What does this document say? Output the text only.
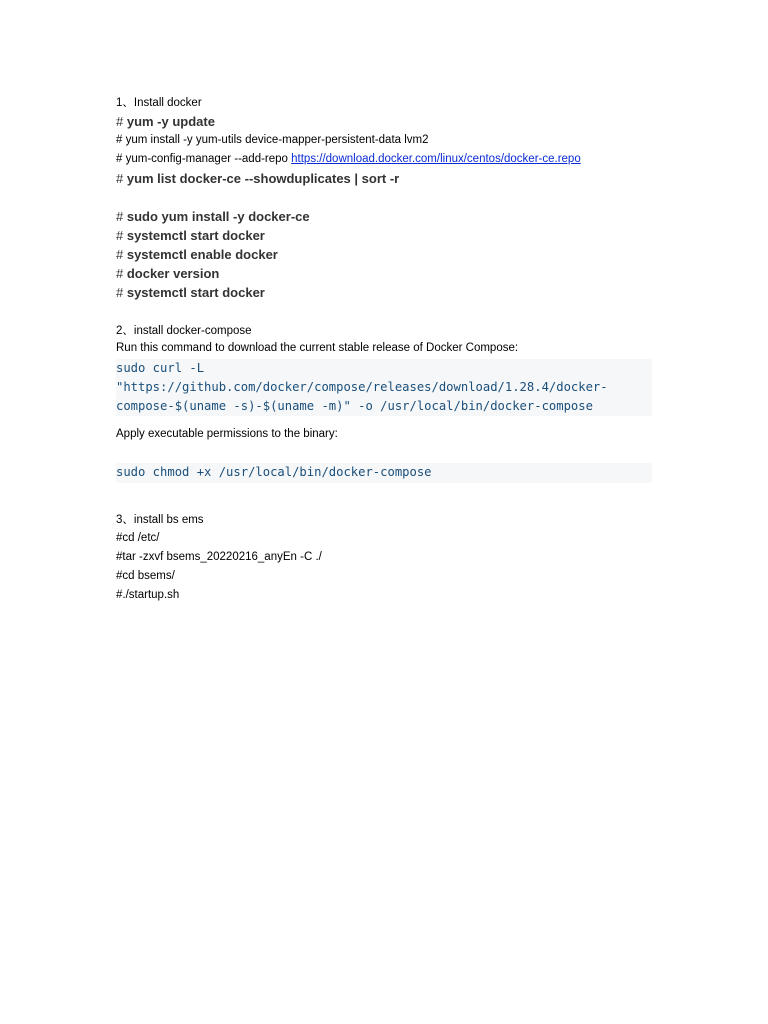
1、Install docker
# yum -y update
# yum install -y yum-utils device-mapper-persistent-data lvm2
# yum-config-manager --add-repo https://download.docker.com/linux/centos/docker-ce.repo
# yum list docker-ce --showduplicates | sort -r
# sudo yum install -y docker-ce
# systemctl start docker
# systemctl enable docker
# docker version
# systemctl start docker
2、install docker-compose
Run this command to download the current stable release of Docker Compose:
sudo curl -L
"https://github.com/docker/compose/releases/download/1.28.4/docker-
compose-$(uname -s)-$(uname -m)" -o /usr/local/bin/docker-compose
Apply executable permissions to the binary:
sudo chmod +x /usr/local/bin/docker-compose
3、install bs ems
#cd /etc/
#tar -zxvf bsems_20220216_anyEn -C ./
#cd bsems/
#./startup.sh
